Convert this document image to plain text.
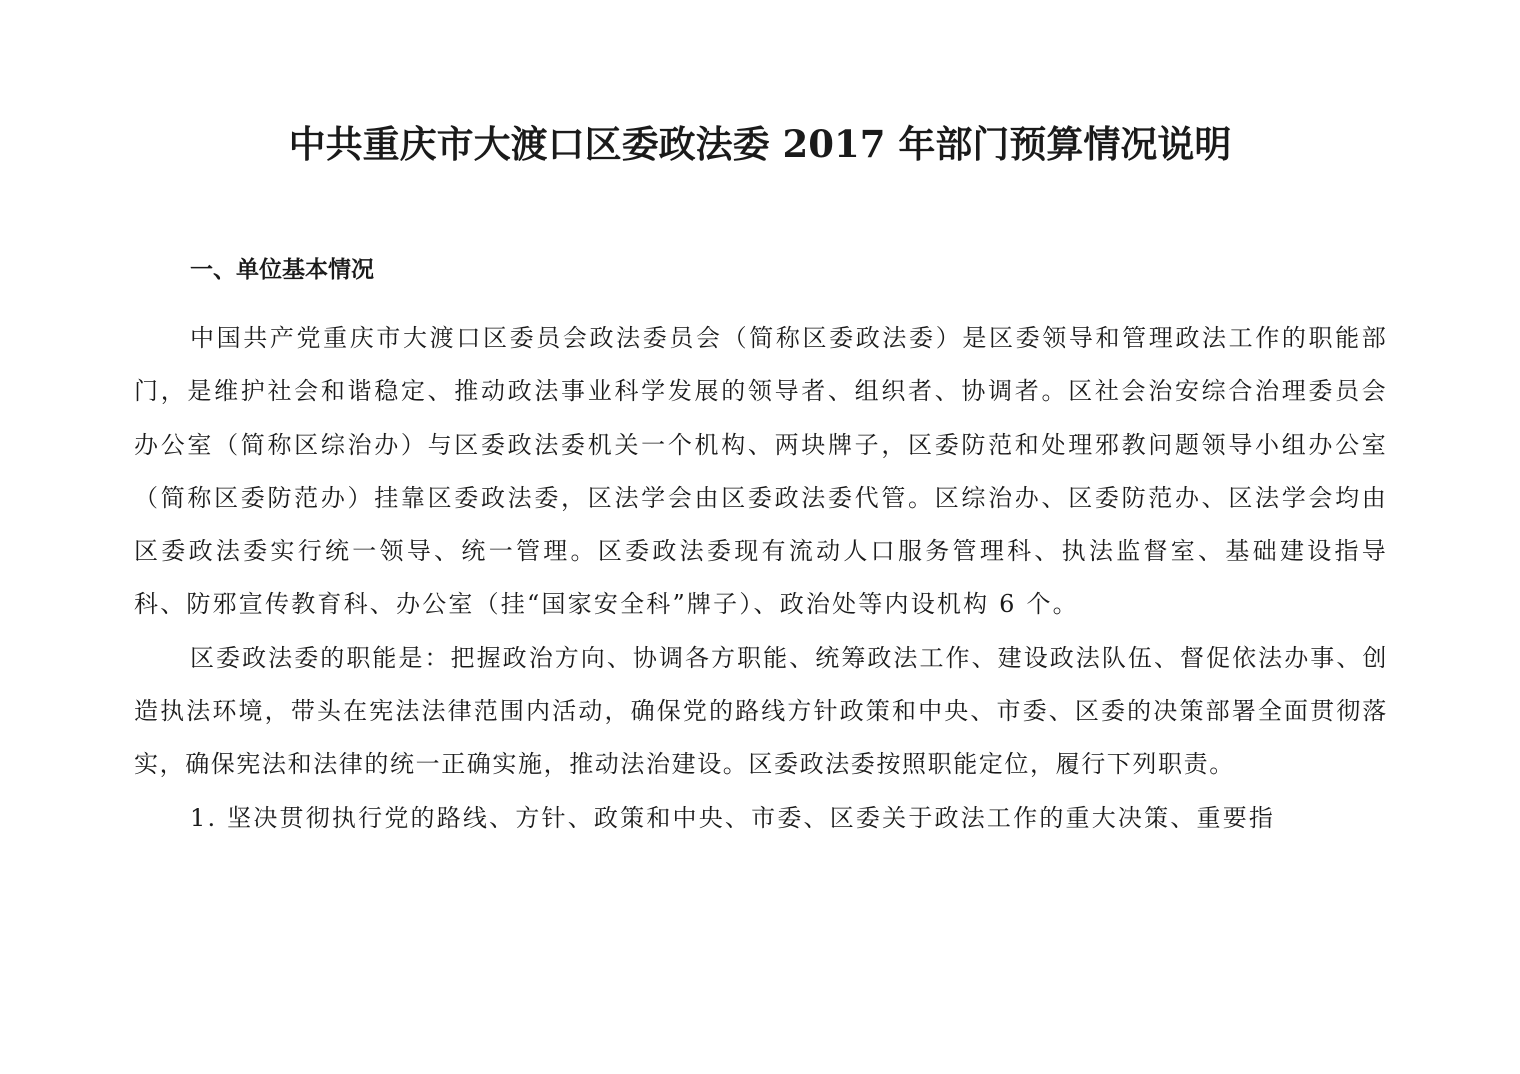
中共重庆市大渡口区委政法委 2017 年部门预算情况说明
一、单位基本情况

中国共产党重庆市大渡口区委员会政法委员会（简称区委政法委）是区委领导和管理政法工作的职能部门，是维护社会和谐稳定、推动政法事业科学发展的领导者、组织者、协调者。区社会治安综合治理委员会办公室（简称区综治办）与区委政法委机关一个机构、两块牌子，区委防范和处理邪教问题领导小组办公室（简称区委防范办）挂靠区委政法委，区法学会由区委政法委代管。区综治办、区委防范办、区法学会均由区委政法委实行统一领导、统一管理。区委政法委现有流动人口服务管理科、执法监督室、基础建设指导科、防邪宣传教育科、办公室（挂“国家安全科”牌子）、政治处等内设机构 6 个。

区委政法委的职能是：把握政治方向、协调各方职能、统筹政法工作、建设政法队伍、督促依法办事、创造执法环境，带头在宪法法律范围内活动，确保党的路线方针政策和中央、市委、区委的决策部署全面贯彻落实，确保宪法和法律的统一正确实施，推动法治建设。区委政法委按照职能定位，履行下列职责。

1. 坚决贯彻执行党的路线、方针、政策和中央、市委、区委关于政法工作的重大决策、重要指
